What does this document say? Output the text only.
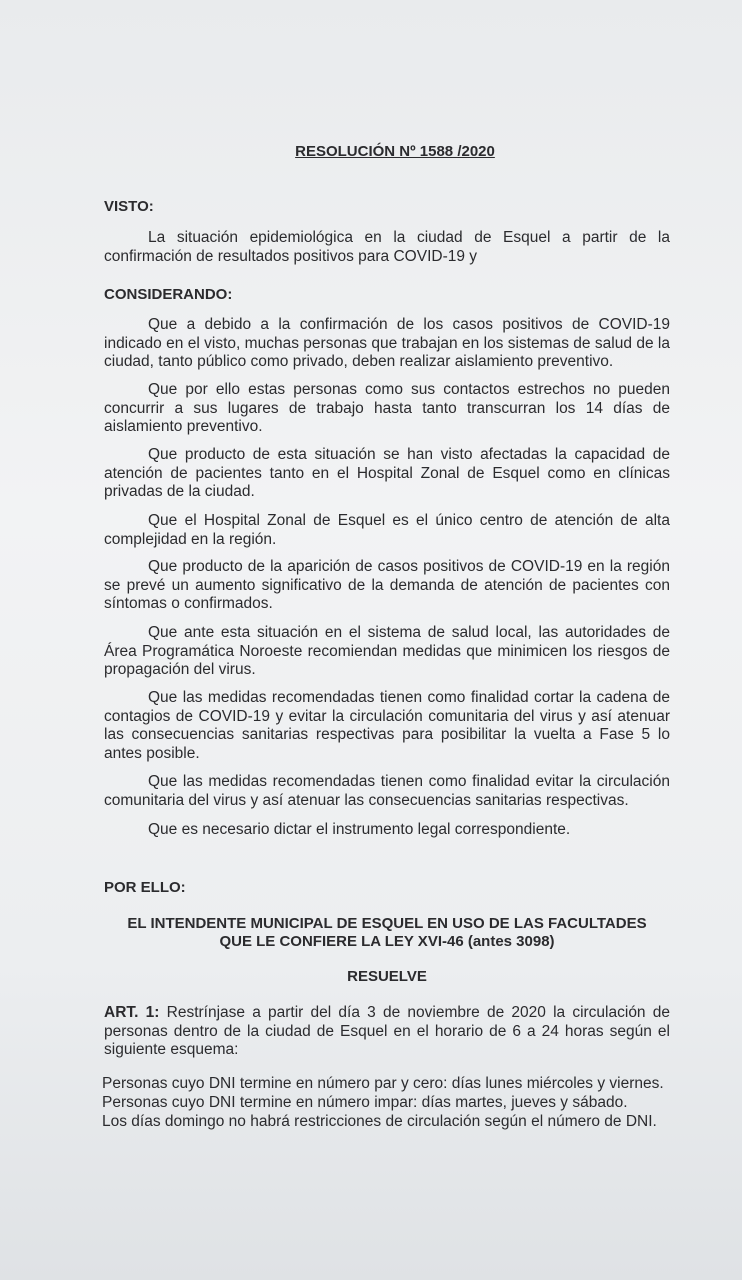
RESOLUCIÓN Nº 1588 /2020
VISTO:
La situación epidemiológica en la ciudad de Esquel a partir de la confirmación de resultados positivos para COVID-19 y
CONSIDERANDO:
Que a debido a la confirmación de los casos positivos de COVID-19 indicado en el visto, muchas personas que trabajan en los sistemas de salud de la ciudad, tanto público como privado, deben realizar aislamiento preventivo.
Que por ello estas personas como sus contactos estrechos no pueden concurrir a sus lugares de trabajo hasta tanto transcurran los 14 días de aislamiento preventivo.
Que producto de esta situación se han visto afectadas la capacidad de atención de pacientes tanto en el Hospital Zonal de Esquel como en clínicas privadas de la ciudad.
Que el Hospital Zonal de Esquel es el único centro de atención de alta complejidad en la región.
Que producto de la aparición de casos positivos de COVID-19 en la región se prevé un aumento significativo de la demanda de atención de pacientes con síntomas o confirmados.
Que ante esta situación en el sistema de salud local, las autoridades de Área Programática Noroeste recomiendan medidas que minimicen los riesgos de propagación del virus.
Que las medidas recomendadas tienen como finalidad cortar la cadena de contagios de COVID-19 y evitar la circulación comunitaria del virus y así atenuar las consecuencias sanitarias respectivas para posibilitar la vuelta a Fase 5 lo antes posible.
Que las medidas recomendadas tienen como finalidad evitar la circulación comunitaria del virus y así atenuar las consecuencias sanitarias respectivas.
Que es necesario dictar el instrumento legal correspondiente.
POR ELLO:
EL INTENDENTE MUNICIPAL DE ESQUEL EN USO DE LAS FACULTADES
QUE LE CONFIERE LA LEY XVI-46 (antes 3098)
RESUELVE
ART. 1: Restrínjase a partir del día 3 de noviembre de 2020 la circulación de personas dentro de la ciudad de Esquel en el horario de 6 a 24 horas según el siguiente esquema:
Personas cuyo DNI termine en número par y cero: días lunes miércoles y viernes.
Personas cuyo DNI termine en número impar: días martes, jueves y sábado.
Los días domingo no habrá restricciones de circulación según el número de DNI.
